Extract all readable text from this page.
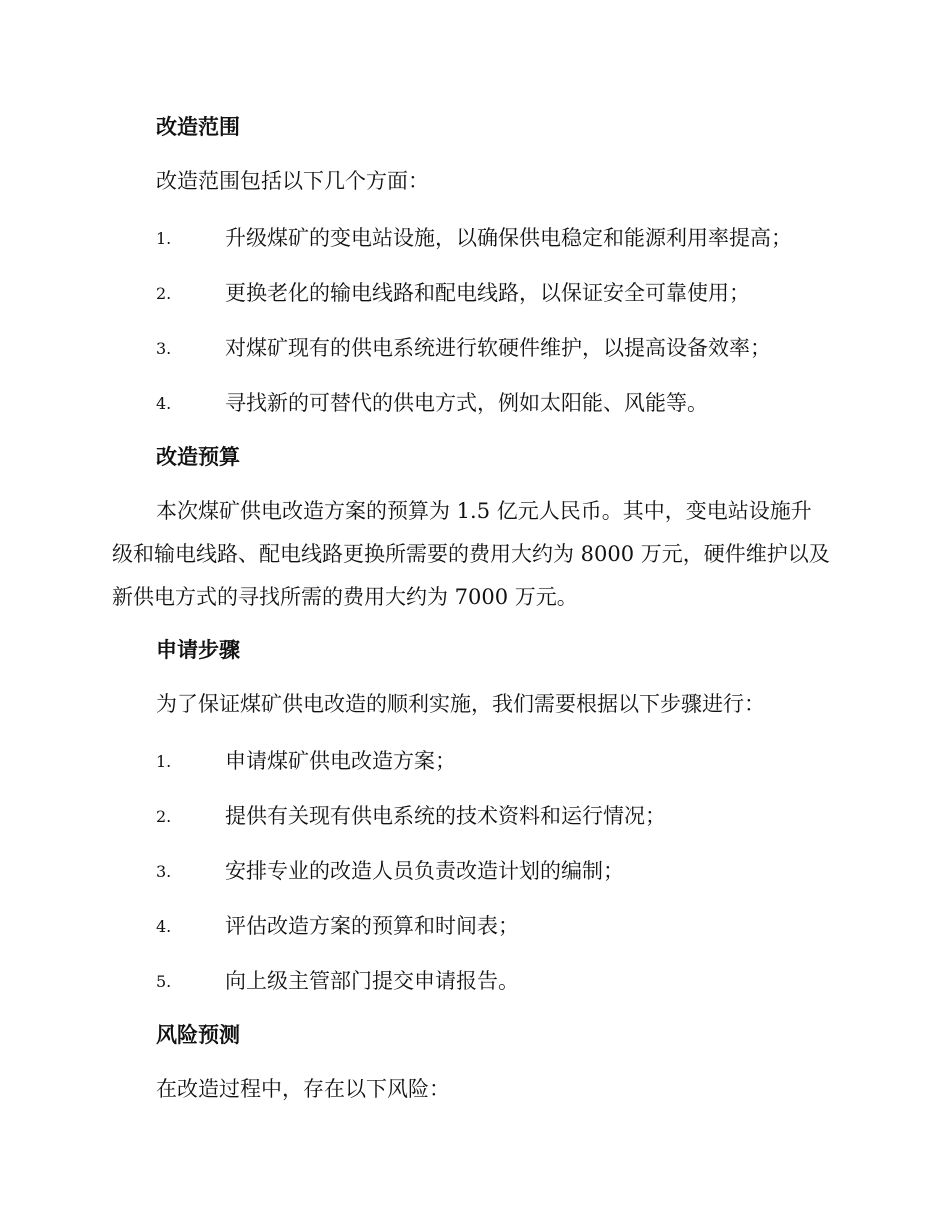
改造范围
改造范围包括以下几个方面：
1.	升级煤矿的变电站设施，以确保供电稳定和能源利用率提高；
2.	更换老化的输电线路和配电线路，以保证安全可靠使用；
3.	对煤矿现有的供电系统进行软硬件维护，以提高设备效率；
4.	寻找新的可替代的供电方式，例如太阳能、风能等。
改造预算
本次煤矿供电改造方案的预算为 1.5 亿元人民币。其中，变电站设施升
级和输电线路、配电线路更换所需要的费用大约为 8000 万元，硬件维护以及
新供电方式的寻找所需的费用大约为 7000 万元。
申请步骤
为了保证煤矿供电改造的顺利实施，我们需要根据以下步骤进行：
1.	申请煤矿供电改造方案；
2.	提供有关现有供电系统的技术资料和运行情况；
3.	安排专业的改造人员负责改造计划的编制；
4.	评估改造方案的预算和时间表；
5.	向上级主管部门提交申请报告。
风险预测
在改造过程中，存在以下风险：
